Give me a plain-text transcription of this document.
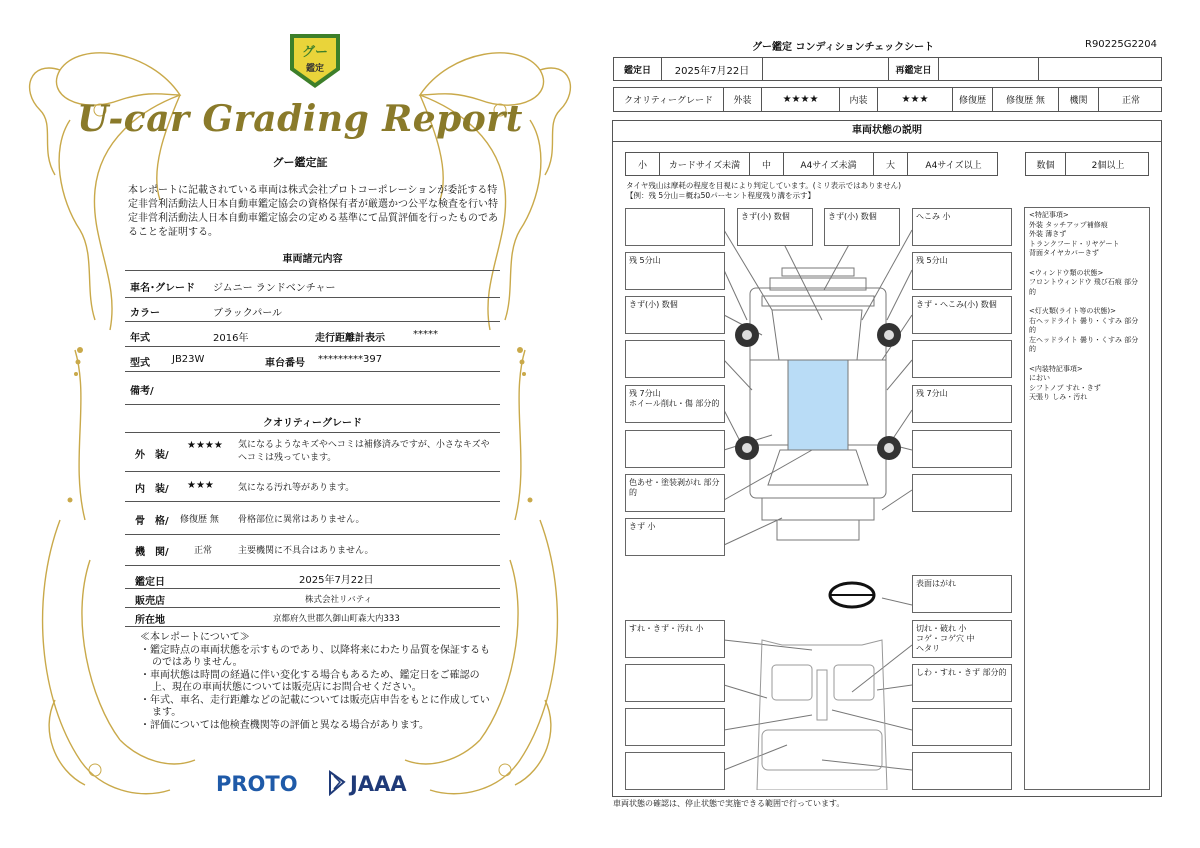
グー
鑑定
U-car Grading Report
グー鑑定証
本レポートに記載されている車両は株式会社プロトコーポレーションが委託する特定非営利活動法人日本自動車鑑定協会の資格保有者が厳選かつ公平な検査を行い特定非営利活動法人日本自動車鑑定協会の定める基準にて品質評価を行ったものであることを証明する。
車両諸元内容
車名･グレード ジムニー ランドベンチャー
カラー	ブラックパール
年式	2016年	走行距離計表示	*****
型式 JB23W	車台番号 *********397
備考/
クオリティーグレード
外　装/
★★★★ 気になるようなキズやヘコミは補修済みですが、小さなキズやヘコミは残っています。
内　装/ ★★★	気になる汚れ等があります。
骨　格/ 修復歴 無 骨格部位に異常はありません。
機　関/	正常	主要機関に不具合はありません。
鑑定日	2025年7月22日
販売店	株式会社リバティ
所在地	京都府久世郡久御山町森大内333
≪本レポートについて≫
・鑑定時点の車両状態を示すものであり、以降将来にわたり品質を保証するものではありません。
・車両状態は時間の経過に伴い変化する場合もあるため、鑑定日をご確認の上、現在の車両状態については販売店にお問合せください。
・年式、車名、走行距離などの記載については販売店申告をもとに作成しています。
・評価については他検査機関等の評価と異なる場合があります。
PROTO JAAA
グー鑑定 コンディションチェックシート	R90225G2204
鑑定日	2025年7月22日	再鑑定日
クオリティーグレード	外装	★★★★	内装	★★★	修復歴	修復歴 無	機関	正常
車両状態の説明
小	カードサイズ未満	中	A4サイズ未満	大	A4サイズ以上	数個	2個以上
タイヤ残山は摩耗の程度を目視により判定しています。(ミリ表示ではありません)
【例：残 5分山＝概ね50パーセント程度残り溝を示す】
残 5分山
きず(小) 数個
残 7分山
ホイール削れ・傷 部分的
色あせ・塗装剥がれ 部分的
きず 小
すれ・きず・汚れ 小
きず(小) 数個	きず(小) 数個	へこみ 小
残 5分山
きず・へこみ(小) 数個
残 7分山
表面はがれ
切れ・破れ 小
コゲ・コゲ穴 中
ヘタリ
しわ・すれ・きず 部分的
<特記事項>
外装 タッチアップ補修痕
外装 薄きず
トランクフード・リヤゲート
背面タイヤカバーきず
<ウィンドウ類の状態>
フロントウィンドウ 飛び石痕 部分的
<灯火類(ライト等の状態)>
右ヘッドライト 曇り・くすみ 部分的
左ヘッドライト 曇り・くすみ 部分的
<内装特記事項>
におい
シフトノブ すれ・きず
天張り しみ・汚れ
車両状態の確認は、停止状態で実施できる範囲で行っています。
